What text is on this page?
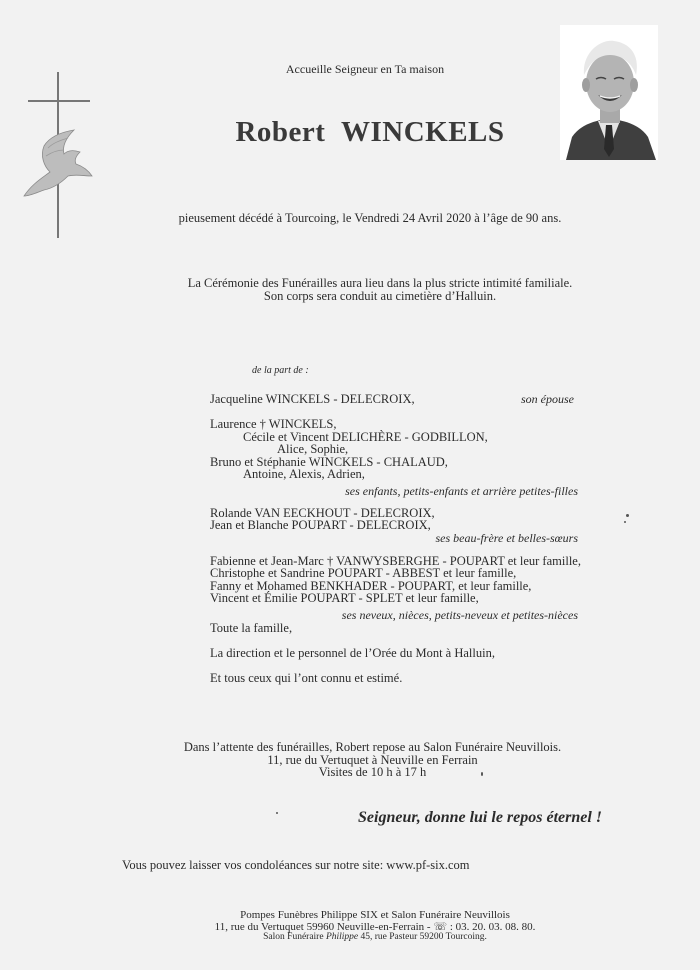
Accueille Seigneur en Ta maison
Robert WINCKELS
pieusement décédé à Tourcoing, le Vendredi 24 Avril 2020 à l’âge de 90 ans.
La Cérémonie des Funérailles aura lieu dans la plus stricte intimité familiale.
Son corps sera conduit au cimetière d’Halluin.
de la part de :
Jacqueline WINCKELS - DELECROIX,	son épouse
Laurence † WINCKELS,
Cécile et Vincent DELICHÈRE - GODBILLON,
Alice, Sophie,
Bruno et Stéphanie WINCKELS - CHALAUD,
Antoine, Alexis, Adrien,
ses enfants, petits-enfants et arrière petites-filles
Rolande VAN EECKHOUT - DELECROIX,
Jean et Blanche POUPART - DELECROIX,
ses beau-frère et belles-sœurs
Fabienne et Jean-Marc † VANWYSBERGHE - POUPART et leur famille,
Christophe et Sandrine POUPART - ABBEST et leur famille,
Fanny et Mohamed BENKHADER - POUPART, et leur famille,
Vincent et Émilie POUPART - SPLET et leur famille,
ses neveux, nièces, petits-neveux et petites-nièces
Toute la famille,
La direction et le personnel de l’Orée du Mont à Halluin,
Et tous ceux qui l’ont connu et estimé.
Dans l’attente des funérailles, Robert repose au Salon Funéraire Neuvillois.
11, rue du Vertuquet à Neuville en Ferrain
Visites de 10 h à 17 h
Seigneur, donne lui le repos éternel !
Vous pouvez laisser vos condoléances sur notre site: www.pf-six.com
Pompes Funèbres Philippe SIX et Salon Funéraire Neuvillois
11, rue du Vertuquet 59960 Neuville-en-Ferrain - ☏ : 03. 20. 03. 08. 80.
Salon Funéraire Philippe 45, rue Pasteur 59200 Tourcoing.
